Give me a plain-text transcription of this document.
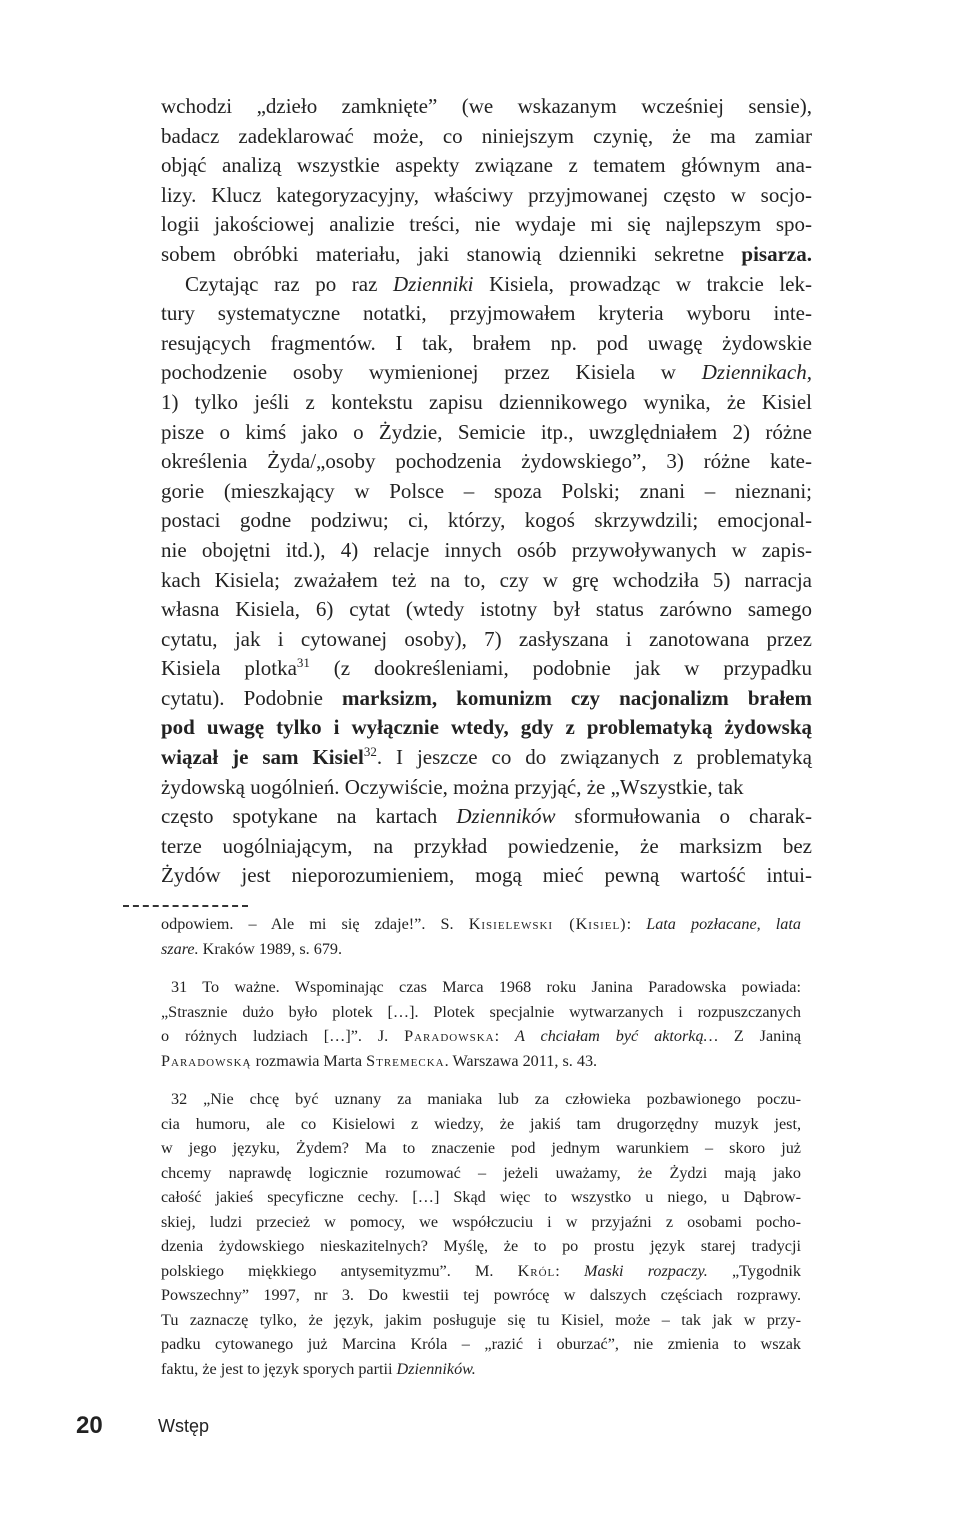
wchodzi „dzieło zamknięte” (we wskazanym wcześniej sensie),
badacz zadeklarować może, co niniejszym czynię, że ma zamiar
objąć analizą wszystkie aspekty związane z tematem głównym ana-
lizy. Klucz kategoryzacyjny, właściwy przyjmowanej często w socjo-
logii jakościowej analizie treści, nie wydaje mi się najlepszym spo-
sobem obróbki materiału, jaki stanowią dzienniki sekretne pisarza.
Czytając raz po raz Dzienniki Kisiela, prowadząc w trakcie lek-
tury systematyczne notatki, przyjmowałem kryteria wyboru inte-
resujących fragmentów. I tak, brałem np. pod uwagę żydowskie
pochodzenie osoby wymienionej przez Kisiela w Dziennikach,
1) tylko jeśli z kontekstu zapisu dziennikowego wynika, że Kisiel
pisze o kimś jako o Żydzie, Semicie itp., uwzględniałem 2) różne
określenia Żyda/„osoby pochodzenia żydowskiego”, 3) różne kate-
gorie (mieszkający w Polsce – spoza Polski; znani – nieznani;
postaci godne podziwu; ci, którzy, kogoś skrzywdzili; emocjonal-
nie obojętni itd.), 4) relacje innych osób przywoływanych w zapis-
kach Kisiela; zważałem też na to, czy w grę wchodziła 5) narracja
własna Kisiela, 6) cytat (wtedy istotny był status zarówno samego
cytatu, jak i cytowanej osoby), 7) zasłyszana i zanotowana przez
Kisiela plotka$^{31}$ (z dookreśleniami, podobnie jak w przypadku
cytatu). Podobnie marksizm, komunizm czy nacjonalizm brałem
pod uwagę tylko i wyłącznie wtedy, gdy z problematyką żydowską
wiązał je sam Kisiel$^{32}$. I jeszcze co do związanych z problematyką
żydowską uogólnień. Oczywiście, można przyjąć, że „Wszystkie, tak
często spotykane na kartach Dzienników sformułowania o charak-
terze uogólniającym, na przykład powiedzenie, że marksizm bez
Żydów jest nieporozumieniem, mogą mieć pewną wartość intui-
odpowiem. – Ale mi się zdaje!”. S. Kisielewski (Kisiel): Lata pozłacane, lata
szare. Kraków 1989, s. 679.
31 To ważne. Wspominając czas Marca 1968 roku Janina Paradowska powiada:
„Strasznie dużo było plotek […]. Plotek specjalnie wytwarzanych i rozpuszczanych
o różnych ludziach […]”. J. Paradowska: A chciałam być aktorką… Z Janiną
Paradowską rozmawia Marta Stremecka. Warszawa 2011, s. 43.
32 „Nie chcę być uznany za maniaka lub za człowieka pozbawionego poczu-
cia humoru, ale co Kisielowi z wiedzy, że jakiś tam drugorzędny muzyk jest,
w jego języku, Żydem? Ma to znaczenie pod jednym warunkiem – skoro już
chcemy naprawdę logicznie rozumować – jeżeli uważamy, że Żydzi mają jako
całość jakieś specyficzne cechy. […] Skąd więc to wszystko u niego, u Dąbrow-
skiej, ludzi przecież w pomocy, we współczuciu i w przyjaźni z osobami pocho-
dzenia żydowskiego nieskazitelnych? Myślę, że to po prostu język starej tradycji
polskiego miękkiego antysemityzmu”. M. Król: Maski rozpaczy. „Tygodnik
Powszechny” 1997, nr 3. Do kwestii tej powrócę w dalszych częściach rozprawy.
Tu zaznaczę tylko, że język, jakim posługuje się tu Kisiel, może – tak jak w przy-
padku cytowanego już Marcina Króla – „razić i oburzać”, nie zmienia to wszak
faktu, że jest to język sporych partii Dzienników.
20	Wstęp
